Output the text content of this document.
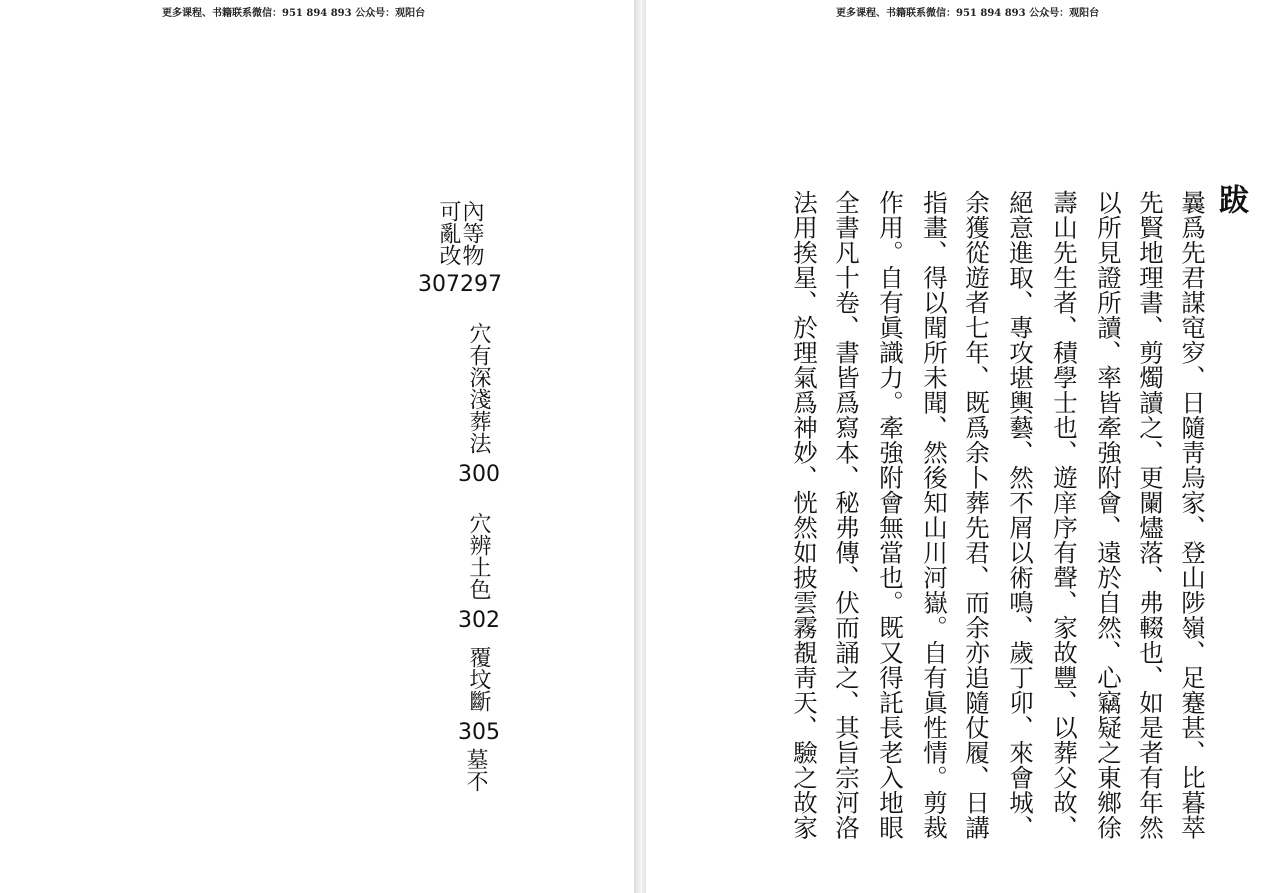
更多课程、书籍联系微信：951 894 893 公众号：观阳台
內等物
可亂改307297
穴有深淺葬法300
穴辨土色302
覆坟斷305
墓不
更多课程、书籍联系微信：951 894 893 公众号：观阳台
跋
曩爲先君謀窀穸、日隨靑烏家、登山陟嶺、足蹇甚、比暮萃
先賢地理書、剪燭讀之、更闌燼落、弗輟也、如是者有年然
以所見證所讀、率皆牽強附會、遠於自然、心竊疑之東鄉徐
壽山先生者、積學士也、遊庠序有聲、家故豐、以葬父故、
絕意進取、專攻堪輿藝、然不屑以術鳴、歲丁卯、來會城、
余獲從遊者七年、既爲余卜葬先君、而余亦追隨仗履、日講
指畫、得以聞所未聞、然後知山川河嶽。自有眞性情。剪裁
作用。自有眞識力。牽強附會無當也。既又得託長老入地眼
全書凡十卷、書皆爲寫本、秘弗傳、伏而誦之、其旨宗河洛
法用挨星、於理氣爲神妙、恍然如披雲霧覩靑天、驗之故家
